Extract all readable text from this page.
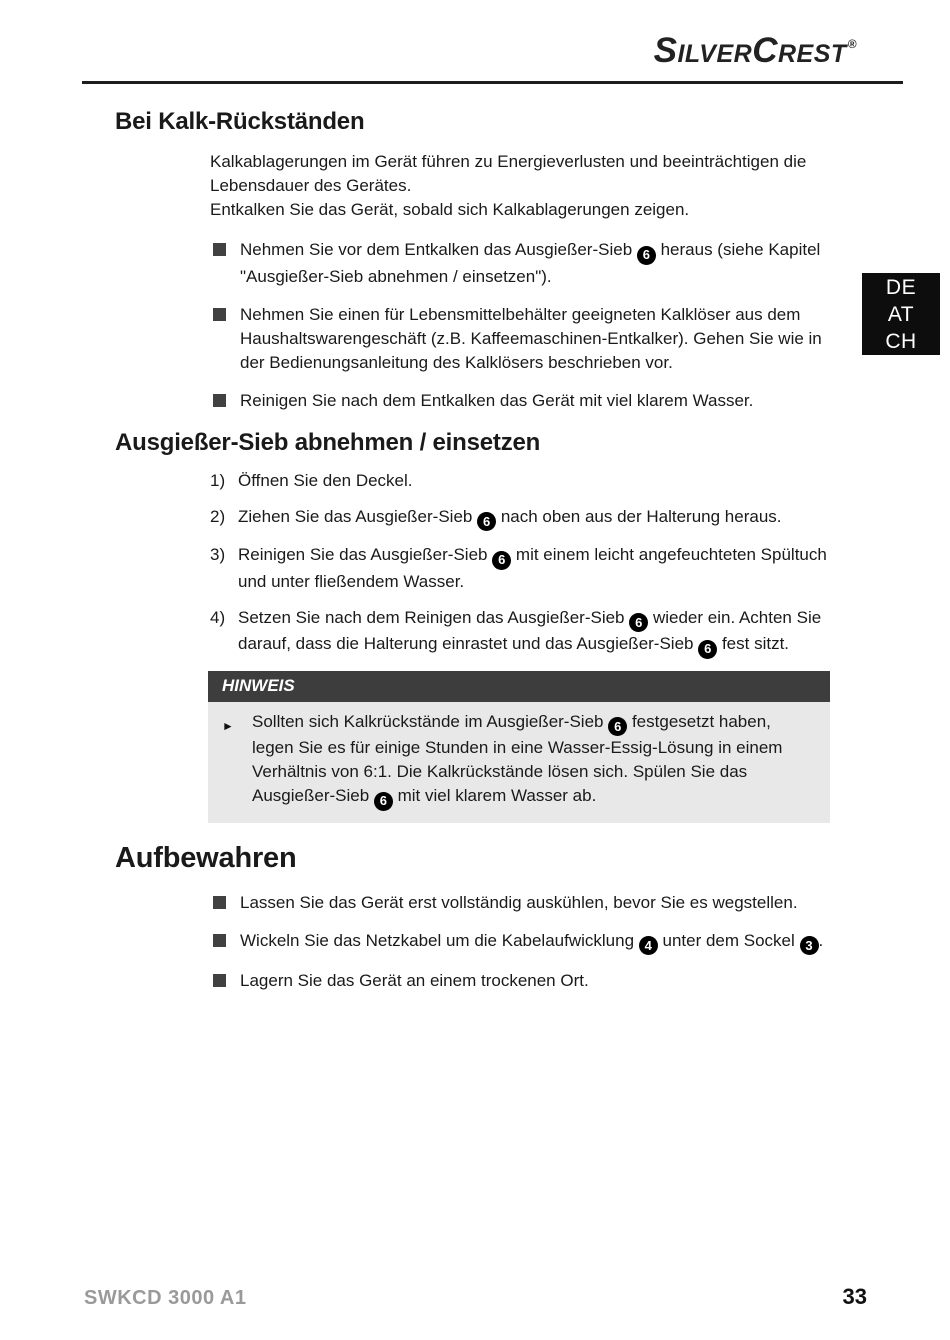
SilverCrest®
DE
AT
CH
Bei Kalk-Rückständen

Kalkablagerungen im Gerät führen zu Energieverlusten und beeinträchtigen die Lebensdauer des Gerätes.

Entkalken Sie das Gerät, sobald sich Kalkablagerungen zeigen.

Nehmen Sie vor dem Entkalken das Ausgießer-Sieb 6 heraus (siehe Kapitel "Ausgießer-Sieb abnehmen / einsetzen").
Nehmen Sie einen für Lebensmittelbehälter geeigneten Kalklöser aus dem Haushaltswarengeschäft (z.B. Kaffeemaschinen-Entkalker). Gehen Sie wie in der Bedienungsanleitung des Kalklösers beschrieben vor.
Reinigen Sie nach dem Entkalken das Gerät mit viel klarem Wasser.
Ausgießer-Sieb abnehmen / einsetzen
1) Öffnen Sie den Deckel.
2) Ziehen Sie das Ausgießer-Sieb 6 nach oben aus der Halterung heraus.
3) Reinigen Sie das Ausgießer-Sieb 6 mit einem leicht angefeuchteten Spültuch und unter fließendem Wasser.
4) Setzen Sie nach dem Reinigen das Ausgießer-Sieb 6 wieder ein. Achten Sie darauf, dass die Halterung einrastet und das Ausgießer-Sieb 6 fest sitzt.
HINWEIS
►	Sollten sich Kalkrückstände im Ausgießer-Sieb 6 festgesetzt haben, legen Sie es für einige Stunden in eine Wasser-Essig-Lösung in einem Verhältnis von 6:1. Die Kalkrückstände lösen sich. Spülen Sie das Ausgießer-Sieb 6 mit viel klarem Wasser ab.
Aufbewahren
Lassen Sie das Gerät erst vollständig auskühlen, bevor Sie es wegstellen.
Wickeln Sie das Netzkabel um die Kabelaufwicklung 4 unter dem Sockel 3 .
Lagern Sie das Gerät an einem trockenen Ort.
SWKCD 3000 A1	33
